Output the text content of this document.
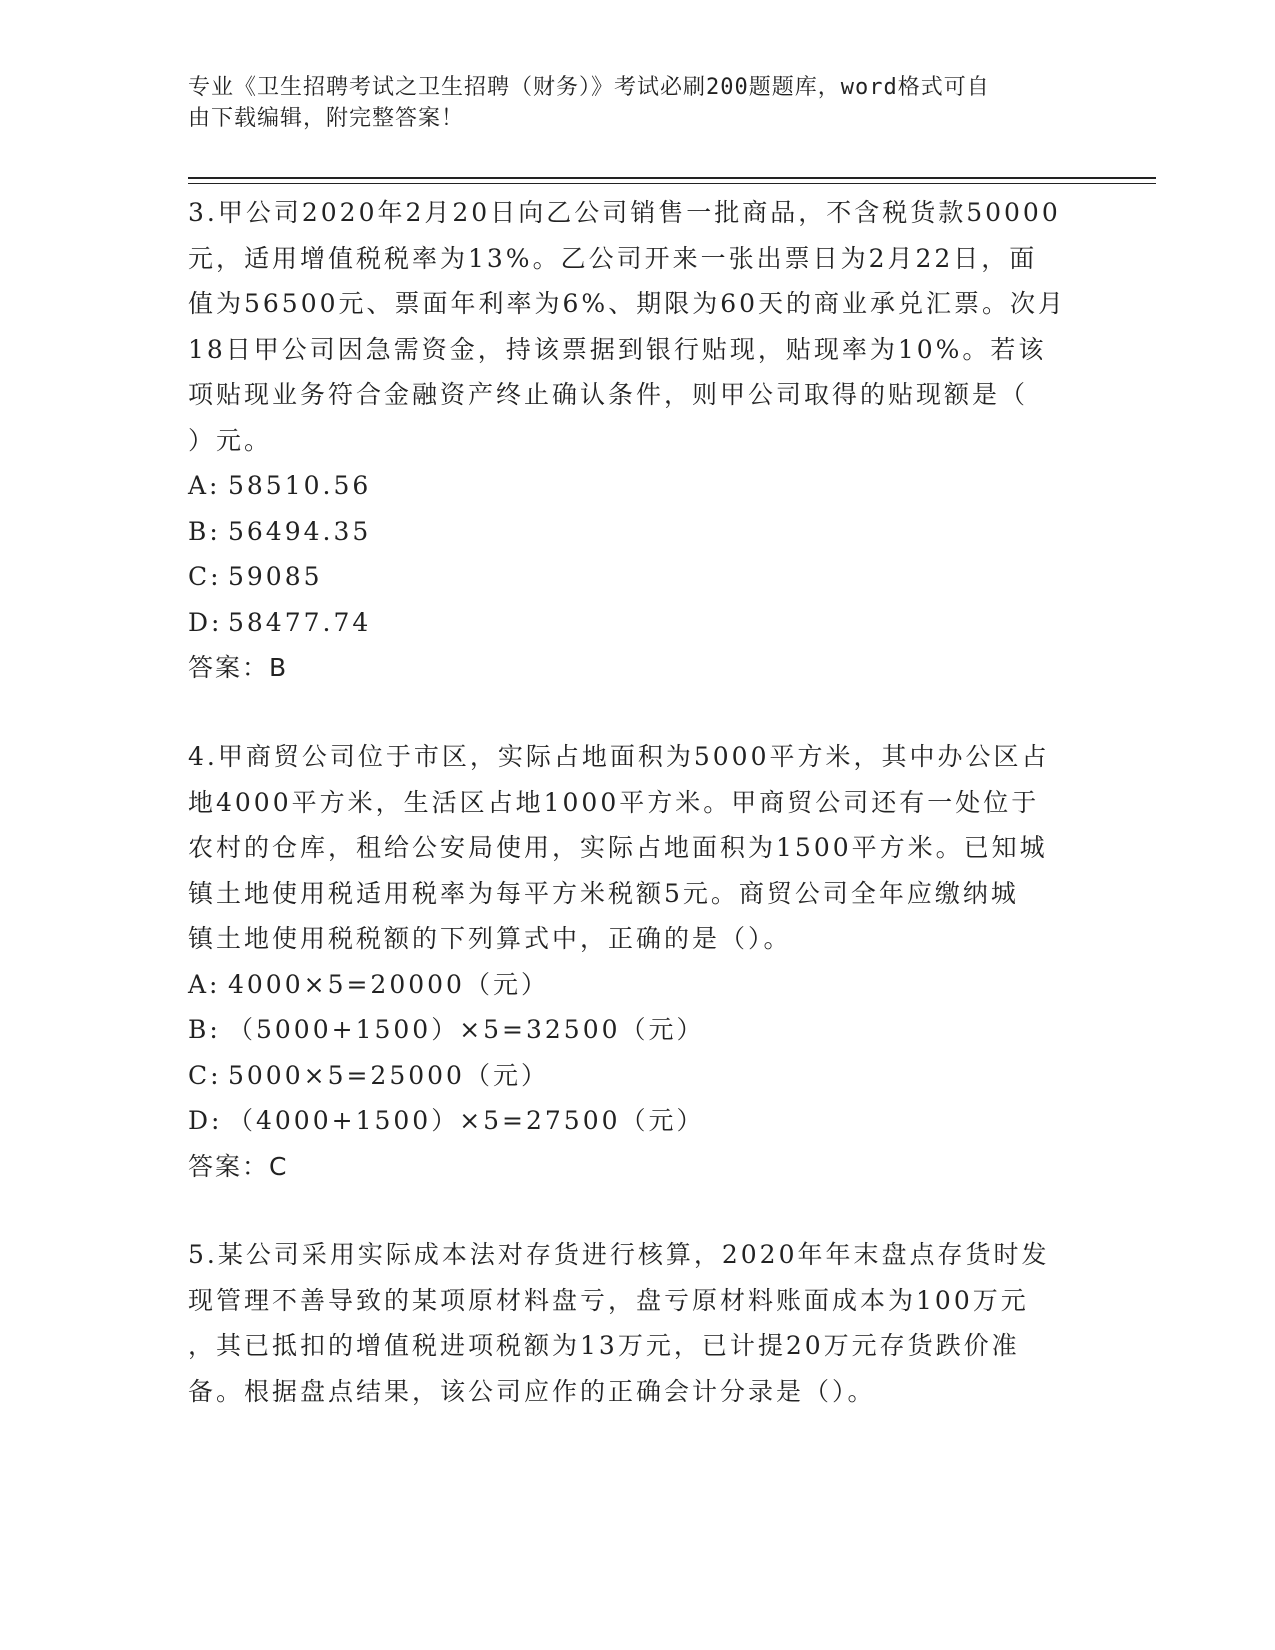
专业《卫生招聘考试之卫生招聘（财务）》考试必刷200题题库，word格式可自
由下载编辑，附完整答案！

3.甲公司2020年2月20日向乙公司销售一批商品，不含税货款50000

元，适用增值税税率为13%。乙公司开来一张出票日为2月22日，面

值为56500元、票面年利率为6%、期限为60天的商业承兑汇票。次月

18日甲公司因急需资金，持该票据到银行贴现，贴现率为10%。若该

项贴现业务符合金融资产终止确认条件，则甲公司取得的贴现额是（

）元。

A: 58510.56

B: 56494.35

C: 59085

D: 58477.74

答案：B

4.甲商贸公司位于市区，实际占地面积为5000平方米，其中办公区占

地4000平方米，生活区占地1000平方米。甲商贸公司还有一处位于

农村的仓库，租给公安局使用，实际占地面积为1500平方米。已知城

镇土地使用税适用税率为每平方米税额5元。商贸公司全年应缴纳城

镇土地使用税税额的下列算式中，正确的是（）。

A: 4000×5=20000（元）

B: （5000+1500）×5=32500（元）

C: 5000×5=25000（元）

D: （4000+1500）×5=27500（元）

答案：C

5.某公司采用实际成本法对存货进行核算，2020年年末盘点存货时发

现管理不善导致的某项原材料盘亏，盘亏原材料账面成本为100万元

，其已抵扣的增值税进项税额为13万元，已计提20万元存货跌价准

备。根据盘点结果，该公司应作的正确会计分录是（）。
